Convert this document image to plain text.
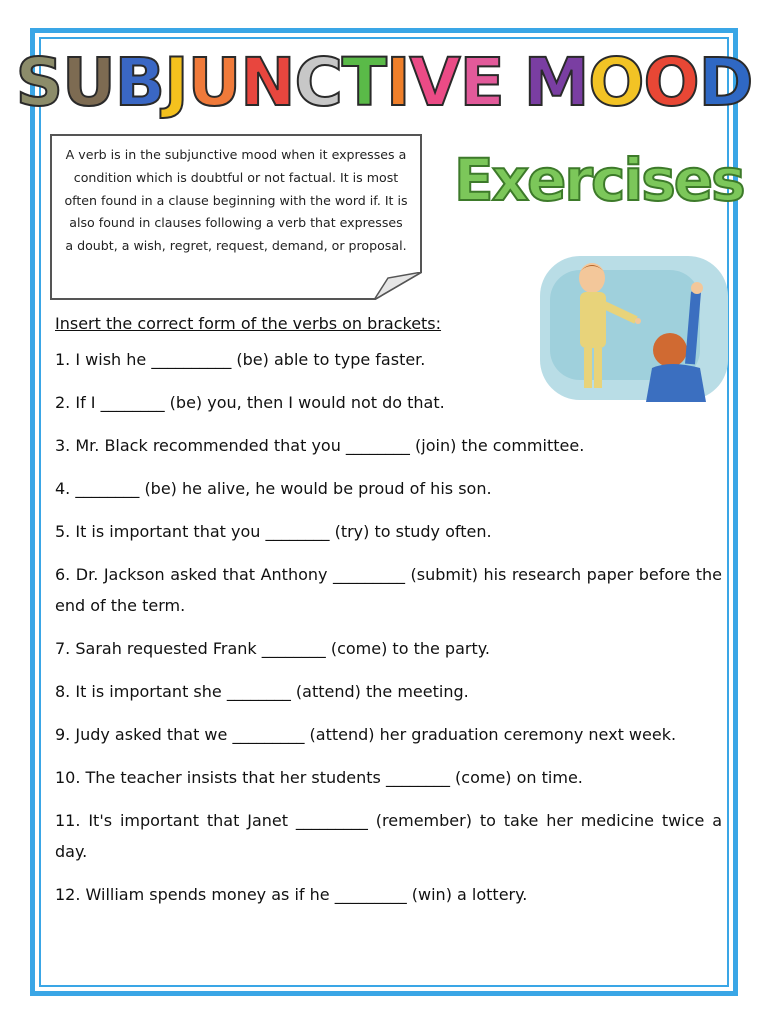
S U B J U N C T I V E
M O O D
A verb is in the subjunctive mood when it expresses a condition which is doubtful or not factual. It is most often found in a clause beginning with the word if. It is also found in clauses following a verb that expresses a doubt, a wish, regret, request, demand, or proposal.
Exercises

Insert the correct form of the verbs on brackets:

1. I wish he __________ (be) able to type faster.

2. If I ________ (be) you, then I would not do that.

3. Mr. Black recommended that you ________ (join) the committee.

4. ________ (be) he alive, he would be proud of his son.

5. It is important that you ________ (try) to study often.

6. Dr. Jackson asked that Anthony _________ (submit) his research paper before the end of the term.

7. Sarah requested Frank ________ (come) to the party.

8. It is important she ________ (attend) the meeting.

9. Judy asked that we _________ (attend) her graduation ceremony next week.

10. The teacher insists that her students ________ (come) on time.

11. It's important that Janet _________ (remember) to take her medicine twice a day.

12. William spends money as if he _________ (win) a lottery.
